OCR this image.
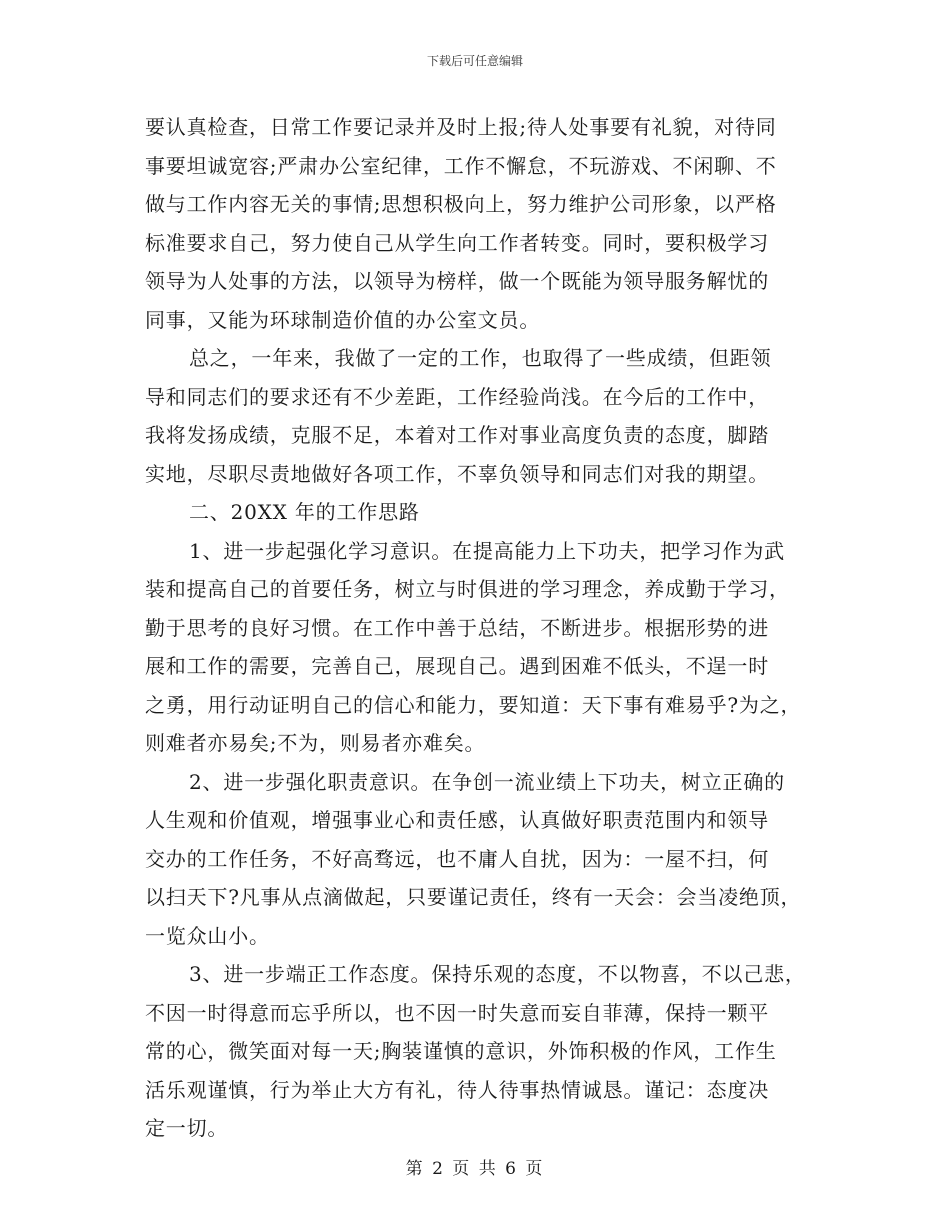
下载后可任意编辑
要认真检查，日常工作要记录并及时上报;待人处事要有礼貌，对待同
事要坦诚宽容;严肃办公室纪律，工作不懈怠，不玩游戏、不闲聊、不
做与工作内容无关的事情;思想积极向上，努力维护公司形象，以严格
标准要求自己，努力使自己从学生向工作者转变。同时，要积极学习
领导为人处事的方法，以领导为榜样，做一个既能为领导服务解忧的
同事，又能为环球制造价值的办公室文员。
总之，一年来，我做了一定的工作，也取得了一些成绩，但距领
导和同志们的要求还有不少差距，工作经验尚浅。在今后的工作中，
我将发扬成绩，克服不足，本着对工作对事业高度负责的态度，脚踏
实地，尽职尽责地做好各项工作，不辜负领导和同志们对我的期望。
二、20XX 年的工作思路
1、进一步起强化学习意识。在提高能力上下功夫，把学习作为武
装和提高自己的首要任务，树立与时俱进的学习理念，养成勤于学习，
勤于思考的良好习惯。在工作中善于总结，不断进步。根据形势的进
展和工作的需要，完善自己，展现自己。遇到困难不低头，不逞一时
之勇，用行动证明自己的信心和能力，要知道：天下事有难易乎?为之，
则难者亦易矣;不为，则易者亦难矣。
2、进一步强化职责意识。在争创一流业绩上下功夫，树立正确的
人生观和价值观，增强事业心和责任感，认真做好职责范围内和领导
交办的工作任务，不好高骛远，也不庸人自扰，因为：一屋不扫，何
以扫天下?凡事从点滴做起，只要谨记责任，终有一天会：会当凌绝顶，
一览众山小。
3、进一步端正工作态度。保持乐观的态度，不以物喜，不以己悲，
不因一时得意而忘乎所以，也不因一时失意而妄自菲薄，保持一颗平
常的心，微笑面对每一天;胸装谨慎的意识，外饰积极的作风，工作生
活乐观谨慎，行为举止大方有礼，待人待事热情诚恳。谨记：态度决
定一切。
第 2 页 共 6 页
